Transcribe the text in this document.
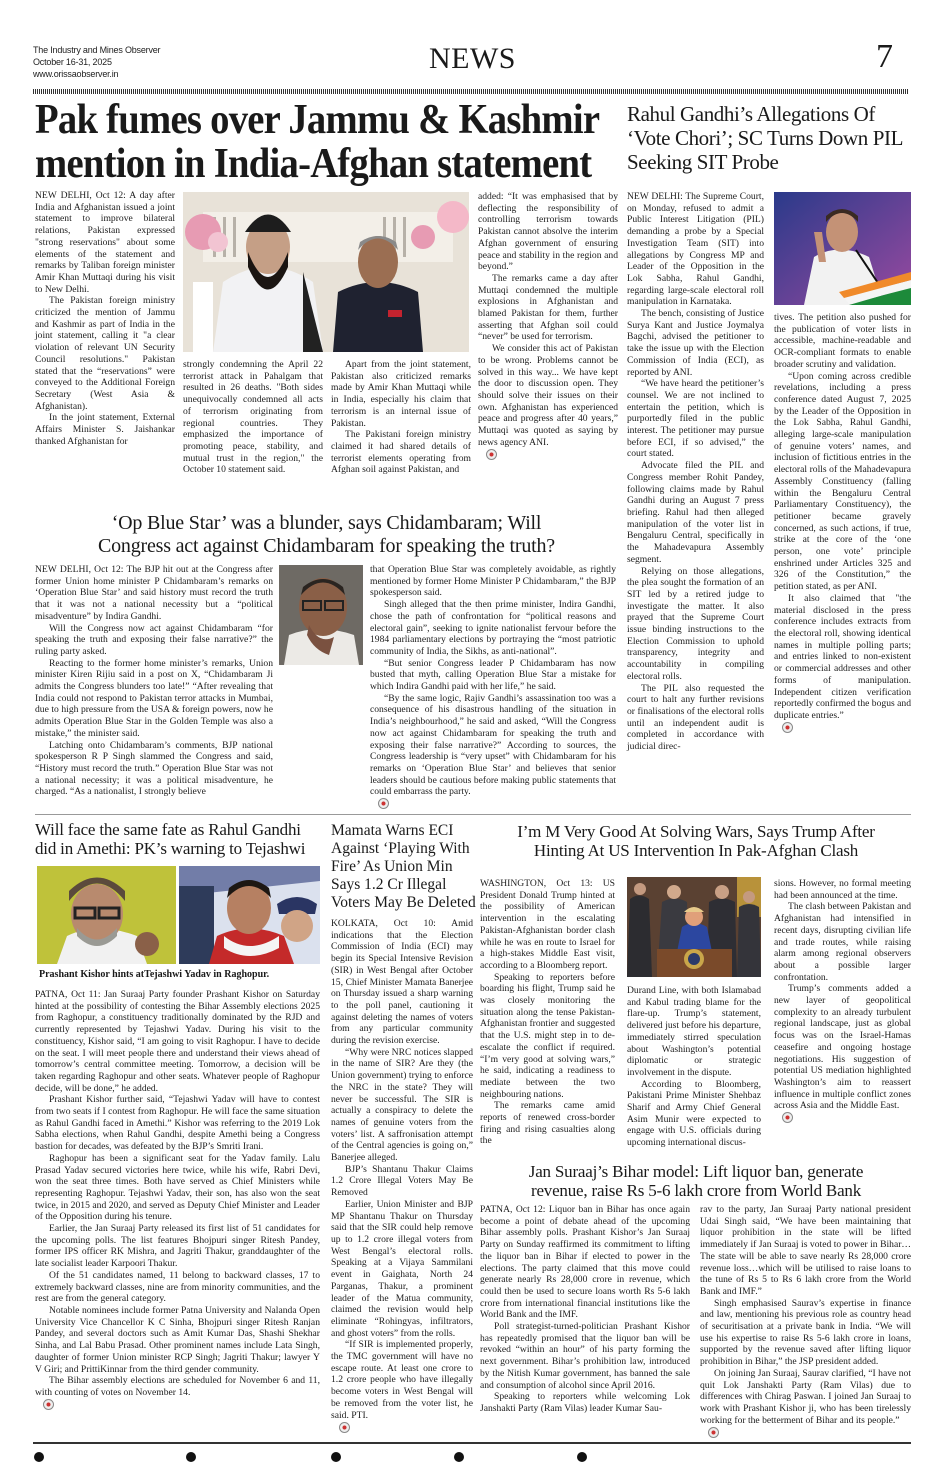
The Industry and Mines Observer
October 16-31, 2025
www.orissaobserver.in	NEWS	7
Pak fumes over Jammu & Kashmir
mention in India-Afghan statement

NEW DELHI, Oct 12: A day after India and Afghanistan issued a joint statement to improve bilateral relations, Pakistan expressed "strong reservations" about some elements of the statement and remarks by Taliban foreign minister Amir Khan Muttaqi during his visit to New Delhi.

The Pakistan foreign ministry criticized the mention of Jammu and Kashmir as part of India in the joint statement, calling it "a clear violation of relevant UN Security Council resolutions." Pakistan stated that the “reservations” were conveyed to the Additional Foreign Secretary (West Asia & Afghanistan).

In the joint statement, External Affairs Minister S. Jaishankar thanked Afghanistan for

strongly condemning the April 22 terrorist attack in Pahalgam that resulted in 26 deaths. "Both sides unequivocally condemned all acts of terrorism originating from regional countries. They emphasized the importance of promoting peace, stability, and mutual trust in the region," the October 10 statement said.

Apart from the joint statement, Pakistan also criticized remarks made by Amir Khan Muttaqi while in India, especially his claim that terrorism is an internal issue of Pakistan.

The Pakistani foreign ministry claimed it had shared details of terrorist elements operating from Afghan soil against Pakistan, and

added: “It was emphasised that by deflecting the responsibility of controlling terrorism towards Pakistan cannot absolve the interim Afghan government of ensuring peace and stability in the region and beyond.”

The remarks came a day after Muttaqi condemned the multiple explosions in Afghanistan and blamed Pakistan for them, further asserting that Afghan soil could “never” be used for terrorism.

We consider this act of Pakistan to be wrong. Problems cannot be solved in this way... We have kept the door to discussion open. They should solve their issues on their own. Afghanistan has experienced peace and progress after 40 years,” Muttaqi was quoted as saying by news agency ANI.

Rahul Gandhi’s Allegations Of ‘Vote Chori’; SC Turns Down PIL Seeking SIT Probe

NEW DELHI: The Supreme Court, on Monday, refused to admit a Public Interest Litigation (PIL) demanding a probe by a Special Investigation Team (SIT) into allegations by Congress MP and Leader of the Opposition in the Lok Sabha, Rahul Gandhi, regarding large-scale electoral roll manipulation in Karnataka.

The bench, consisting of Justice Surya Kant and Justice Joymalya Bagchi, advised the petitioner to take the issue up with the Election Commission of India (ECI), as reported by ANI.

“We have heard the petitioner’s counsel. We are not inclined to entertain the petition, which is purportedly filed in the public interest. The petitioner may pursue before ECI, if so advised,” the court stated.

Advocate filed the PIL and Congress member Rohit Pandey, following claims made by Rahul Gandhi during an August 7 press briefing. Rahul had then alleged manipulation of the voter list in Bengaluru Central, specifically in the Mahadevapura Assembly segment.

Relying on those allegations, the plea sought the formation of an SIT led by a retired judge to investigate the matter. It also prayed that the Supreme Court issue binding instructions to the Election Commission to uphold transparency, integrity and accountability in compiling electoral rolls.

The PIL also requested the court to halt any further revisions or finalisations of the electoral rolls until an independent audit is completed in accordance with judicial direc-

tives. The petition also pushed for the publication of voter lists in accessible, machine-readable and OCR-compliant formats to enable broader scrutiny and validation.

“Upon coming across credible revelations, including a press conference dated August 7, 2025 by the Leader of the Opposition in the Lok Sabha, Rahul Gandhi, alleging large-scale manipulation of genuine voters’ names, and inclusion of fictitious entries in the electoral rolls of the Mahadevapura Assembly Constituency (falling within the Bengaluru Central Parliamentary Constituency), the petitioner became gravely concerned, as such actions, if true, strike at the core of the ‘one person, one vote’ principle enshrined under Articles 325 and 326 of the Constitution,” the petition stated, as per ANI.

It also claimed that "the material disclosed in the press conference includes extracts from the electoral roll, showing identical names in multiple polling parts; and entries linked to non-existent or commercial addresses and other forms of manipulation. Independent citizen verification reportedly confirmed the bogus and duplicate entries.”

‘Op Blue Star’ was a blunder, says Chidambaram; Will
Congress act against Chidambaram for speaking the truth?

NEW DELHI, Oct 12: The BJP hit out at the Congress after former Union home minister P Chidambaram’s remarks on ‘Operation Blue Star’ and said history must record the truth that it was not a national necessity but a “political misadventure” by Indira Gandhi.

Will the Congress now act against Chidambaram “for speaking the truth and exposing their false narrative?” the ruling party asked.

Reacting to the former home minister’s remarks, Union minister Kiren Rijiu said in a post on X, “Chidambaram Ji admits the Congress blunders too late!” “After revealing that India could not respond to Pakistan terror attacks in Mumbai, due to high pressure from the USA & foreign powers, now he admits Operation Blue Star in the Golden Temple was also a mistake,” the minister said.

Latching onto Chidambaram’s comments, BJP national spokesperson R P Singh slammed the Congress and said, “History must record the truth.” Operation Blue Star was not a national necessity; it was a political misadventure, he charged. “As a nationalist, I strongly believe

that Operation Blue Star was completely avoidable, as rightly mentioned by former Home Minister P Chidambaram,” the BJP spokesperson said.

Singh alleged that the then prime minister, Indira Gandhi, chose the path of confrontation for “political reasons and electoral gain”, seeking to ignite nationalist fervour before the 1984 parliamentary elections by portraying the “most patriotic community of India, the Sikhs, as anti-national”.

“But senior Congress leader P Chidambaram has now busted that myth, calling Operation Blue Star a mistake for which Indira Gandhi paid with her life,” he said.

“By the same logic, Rajiv Gandhi’s assassination too was a consequence of his disastrous handling of the situation in India’s neighbourhood,” he said and asked, “Will the Congress now act against Chidambaram for speaking the truth and exposing their false narrative?” According to sources, the Congress leadership is “very upset” with Chidambaram for his remarks on ‘Operation Blue Star’ and believes that senior leaders should be cautious before making public statements that could embarrass the party.

Will face the same fate as Rahul Gandhi
did in Amethi: PK’s warning to Tejashwi
Prashant Kishor hints atTejashwi Yadav in Raghopur.

PATNA, Oct 11: Jan Suraaj Party founder Prashant Kishor on Saturday hinted at the possibility of contesting the Bihar Assembly elections 2025 from Raghopur, a constituency traditionally dominated by the RJD and currently represented by Tejashwi Yadav. During his visit to the constituency, Kishor said, “I am going to visit Raghopur. I have to decide on the seat. I will meet people there and understand their views ahead of tomorrow’s central committee meeting. Tomorrow, a decision will be taken regarding Raghopur and other seats. Whatever people of Raghopur decide, will be done,” he added.

Prashant Kishor further said, “Tejashwi Yadav will have to contest from two seats if I contest from Raghopur. He will face the same situation as Rahul Gandhi faced in Amethi.” Kishor was referring to the 2019 Lok Sabha elections, when Rahul Gandhi, despite Amethi being a Congress bastion for decades, was defeated by the BJP’s Smriti Irani.

Raghopur has been a significant seat for the Yadav family. Lalu Prasad Yadav secured victories here twice, while his wife, Rabri Devi, won the seat three times. Both have served as Chief Ministers while representing Raghopur. Tejashwi Yadav, their son, has also won the seat twice, in 2015 and 2020, and served as Deputy Chief Minister and Leader of the Opposition during his tenure.

Earlier, the Jan Suraaj Party released its first list of 51 candidates for the upcoming polls. The list features Bhojpuri singer Ritesh Pandey, former IPS officer RK Mishra, and Jagriti Thakur, granddaughter of the late socialist leader Karpoori Thakur.

Of the 51 candidates named, 11 belong to backward classes, 17 to extremely backward classes, nine are from minority communities, and the rest are from the general category.

Notable nominees include former Patna University and Nalanda Open University Vice Chancellor K C Sinha, Bhojpuri singer Ritesh Ranjan Pandey, and several doctors such as Amit Kumar Das, Shashi Shekhar Sinha, and Lal Babu Prasad. Other prominent names include Lata Singh, daughter of former Union minister RCP Singh; Jagriti Thakur; lawyer Y V Giri; and PrittiKinnar from the third gender community.

The Bihar assembly elections are scheduled for November 6 and 11, with counting of votes on November 14.

Mamata Warns ECI Against ‘Playing With Fire’ As Union Min Says 1.2 Cr Illegal Voters May Be Deleted

KOLKATA, Oct 10: Amid indications that the Election Commission of India (ECI) may begin its Special Intensive Revision (SIR) in West Bengal after October 15, Chief Minister Mamata Banerjee on Thursday issued a sharp warning to the poll panel, cautioning it against deleting the names of voters from any particular community during the revision exercise.

“Why were NRC notices slapped in the name of SIR? Are they (the Union government) trying to enforce the NRC in the state? They will never be successful. The SIR is actually a conspiracy to delete the names of genuine voters from the voters’ list. A saffronisation attempt of the Central agencies is going on,” Banerjee alleged.

BJP’s Shantanu Thakur Claims 1.2 Crore Illegal Voters May Be Removed

Earlier, Union Minister and BJP MP Shantanu Thakur on Thursday said that the SIR could help remove up to 1.2 crore illegal voters from West Bengal’s electoral rolls. Speaking at a Vijaya Sammilani event in Gaighata, North 24 Parganas, Thakur, a prominent leader of the Matua community, claimed the revision would help eliminate “Rohingyas, infiltrators, and ghost voters” from the rolls.

“If SIR is implemented properly, the TMC government will have no escape route. At least one crore to 1.2 crore people who have illegally become voters in West Bengal will be removed from the voter list, he said. PTI.

I’m M Very Good At Solving Wars, Says Trump After
Hinting At US Intervention In Pak-Afghan Clash

WASHINGTON, Oct 13: US President Donald Trump hinted at the possibility of American intervention in the escalating Pakistan-Afghanistan border clash while he was en route to Israel for a high-stakes Middle East visit, according to a Bloomberg report.

Speaking to reporters before boarding his flight, Trump said he was closely monitoring the situation along the tense Pakistan-Afghanistan frontier and suggested that the U.S. might step in to de-escalate the conflict if required. “I’m very good at solving wars,” he said, indicating a readiness to mediate between the two neighbouring nations.

The remarks came amid reports of renewed cross-border firing and rising casualties along the

Durand Line, with both Islamabad and Kabul trading blame for the flare-up. Trump’s statement, delivered just before his departure, immediately stirred speculation about Washington’s potential diplomatic or strategic involvement in the dispute.

According to Bloomberg, Pakistani Prime Minister Shehbaz Sharif and Army Chief General Asim Munir were expected to engage with U.S. officials during upcoming international discus-

sions. However, no formal meeting had been announced at the time.

The clash between Pakistan and Afghanistan had intensified in recent days, disrupting civilian life and trade routes, while raising alarm among regional observers about a possible larger confrontation.

Trump’s comments added a new layer of geopolitical complexity to an already turbulent regional landscape, just as global focus was on the Israel-Hamas ceasefire and ongoing hostage negotiations. His suggestion of potential US mediation highlighted Washington’s aim to reassert influence in multiple conflict zones across Asia and the Middle East.

Jan Suraaj’s Bihar model: Lift liquor ban, generate
revenue, raise Rs 5-6 lakh crore from World Bank

PATNA, Oct 12: Liquor ban in Bihar has once again become a point of debate ahead of the upcoming Bihar assembly polls. Prashant Kishor’s Jan Suraaj Party on Sunday reaffirmed its commitment to lifting the liquor ban in Bihar if elected to power in the elections. The party claimed that this move could generate nearly Rs 28,000 crore in revenue, which could then be used to secure loans worth Rs 5-6 lakh crore from international financial institutions like the World Bank and the IMF.

Poll strategist-turned-politician Prashant Kishor has repeatedly promised that the liquor ban will be revoked “within an hour” of his party forming the next government. Bihar’s prohibition law, introduced by the Nitish Kumar government, has banned the sale and consumption of alcohol since April 2016.

Speaking to reporters while welcoming Lok Janshakti Party (Ram Vilas) leader Kumar Sau-

rav to the party, Jan Suraaj Party national president Udai Singh said, “We have been maintaining that liquor prohibition in the state will be lifted immediately if Jan Suraaj is voted to power in Bihar…The state will be able to save nearly Rs 28,000 crore revenue loss…which will be utilised to raise loans to the tune of Rs 5 to Rs 6 lakh crore from the World Bank and IMF.”

Singh emphasised Saurav’s expertise in finance and law, mentioning his previous role as country head of securitisation at a private bank in India. “We will use his expertise to raise Rs 5-6 lakh crore in loans, supported by the revenue saved after lifting liquor prohibition in Bihar,” the JSP president added.

On joining Jan Suraaj, Saurav clarified, “I have not quit Lok Janshakti Party (Ram Vilas) due to differences with Chirag Paswan. I joined Jan Suraaj to work with Prashant Kishor ji, who has been tirelessly working for the betterment of Bihar and its people.”
